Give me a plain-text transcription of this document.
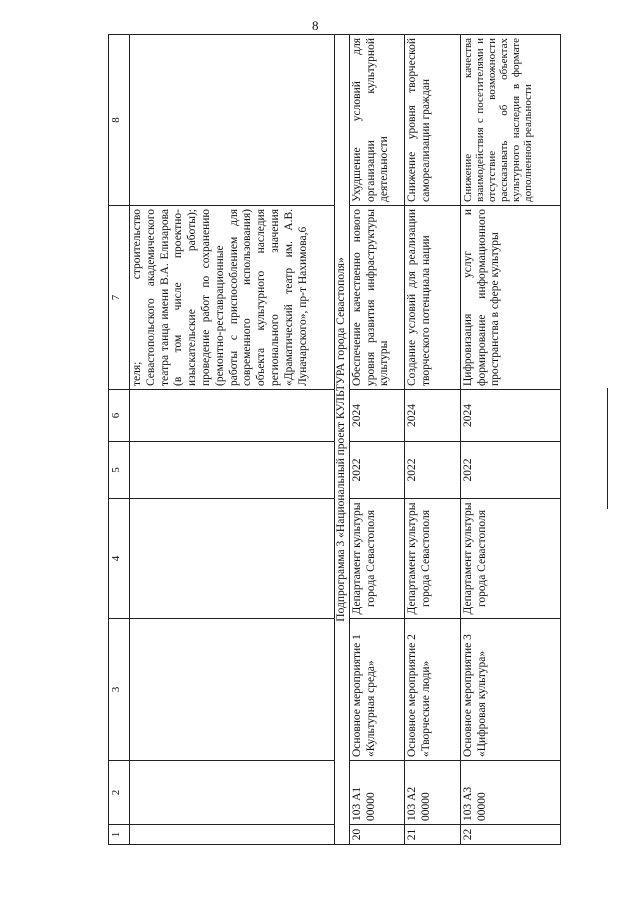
8
1	2	3	4	5	6	7	8
						теля; строительство Севастопольского академического театра танца имени В.А. Елизарова (в том числе проектно-изыскательские работы); проведение работ по сохранению (ремонтно-реставрационные работы с приспособлением для современного использования) объекта культурного наследия регионального значения «Драматический театр им. А.В. Луначарского», пр-т Нахимова,6	
Подпрограмма 3 «Национальный проект КУЛЬТУРА города Севастополя»							
20	103 А1 00000	Основное мероприятие 1 «Культурная среда»	Департамент культуры города Севастополя	2022	2024	Обеспечение качественно нового уровня развития инфраструктуры культуры	Ухудшение условий для организации культурной деятельности
21	103 А2 00000	Основное мероприятие 2 «Творческие люди»	Департамент культуры города Севастополя	2022	2024	Создание условий для реализации творческого потенциала нации	Снижение уровня творческой самореализации граждан
22	103 А3 00000	Основное мероприятие 3 «Цифровая культура»	Департамент культуры города Севастополя	2022	2024	Цифровизация услуг и формирование информационного пространства в сфере культуры	Снижение качества взаимодействия с посетителями и отсутствие возможности рассказывать об объектах культурного наследия в формате дополненной реальности
